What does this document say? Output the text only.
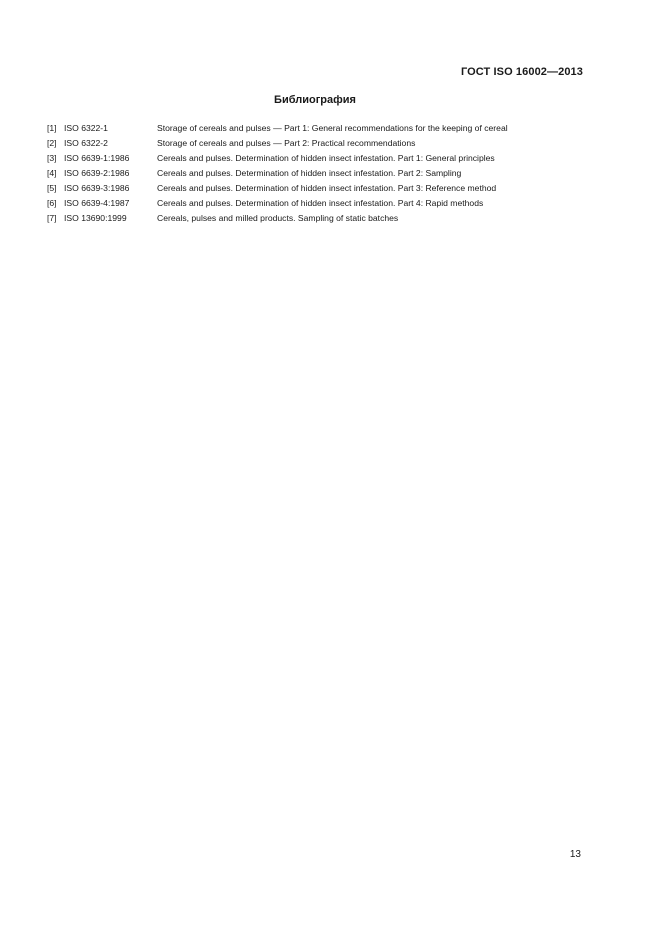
ГОСТ ISO 16002—2013
Библиография
[1] ISO 6322-1	Storage of cereals and pulses — Part 1: General recommendations for the keeping of cereal
[2] ISO 6322-2	Storage of cereals and pulses — Part 2: Practical recommendations
[3] ISO 6639-1:1986	Cereals and pulses. Determination of hidden insect infestation. Part 1: General principles
[4] ISO 6639-2:1986	Cereals and pulses. Determination of hidden insect infestation. Part 2: Sampling
[5] ISO 6639-3:1986	Cereals and pulses. Determination of hidden insect infestation. Part 3: Reference method
[6] ISO 6639-4:1987	Cereals and pulses. Determination of hidden insect infestation. Part 4: Rapid methods
[7] ISO 13690:1999	Cereals, pulses and milled products. Sampling of static batches
13
